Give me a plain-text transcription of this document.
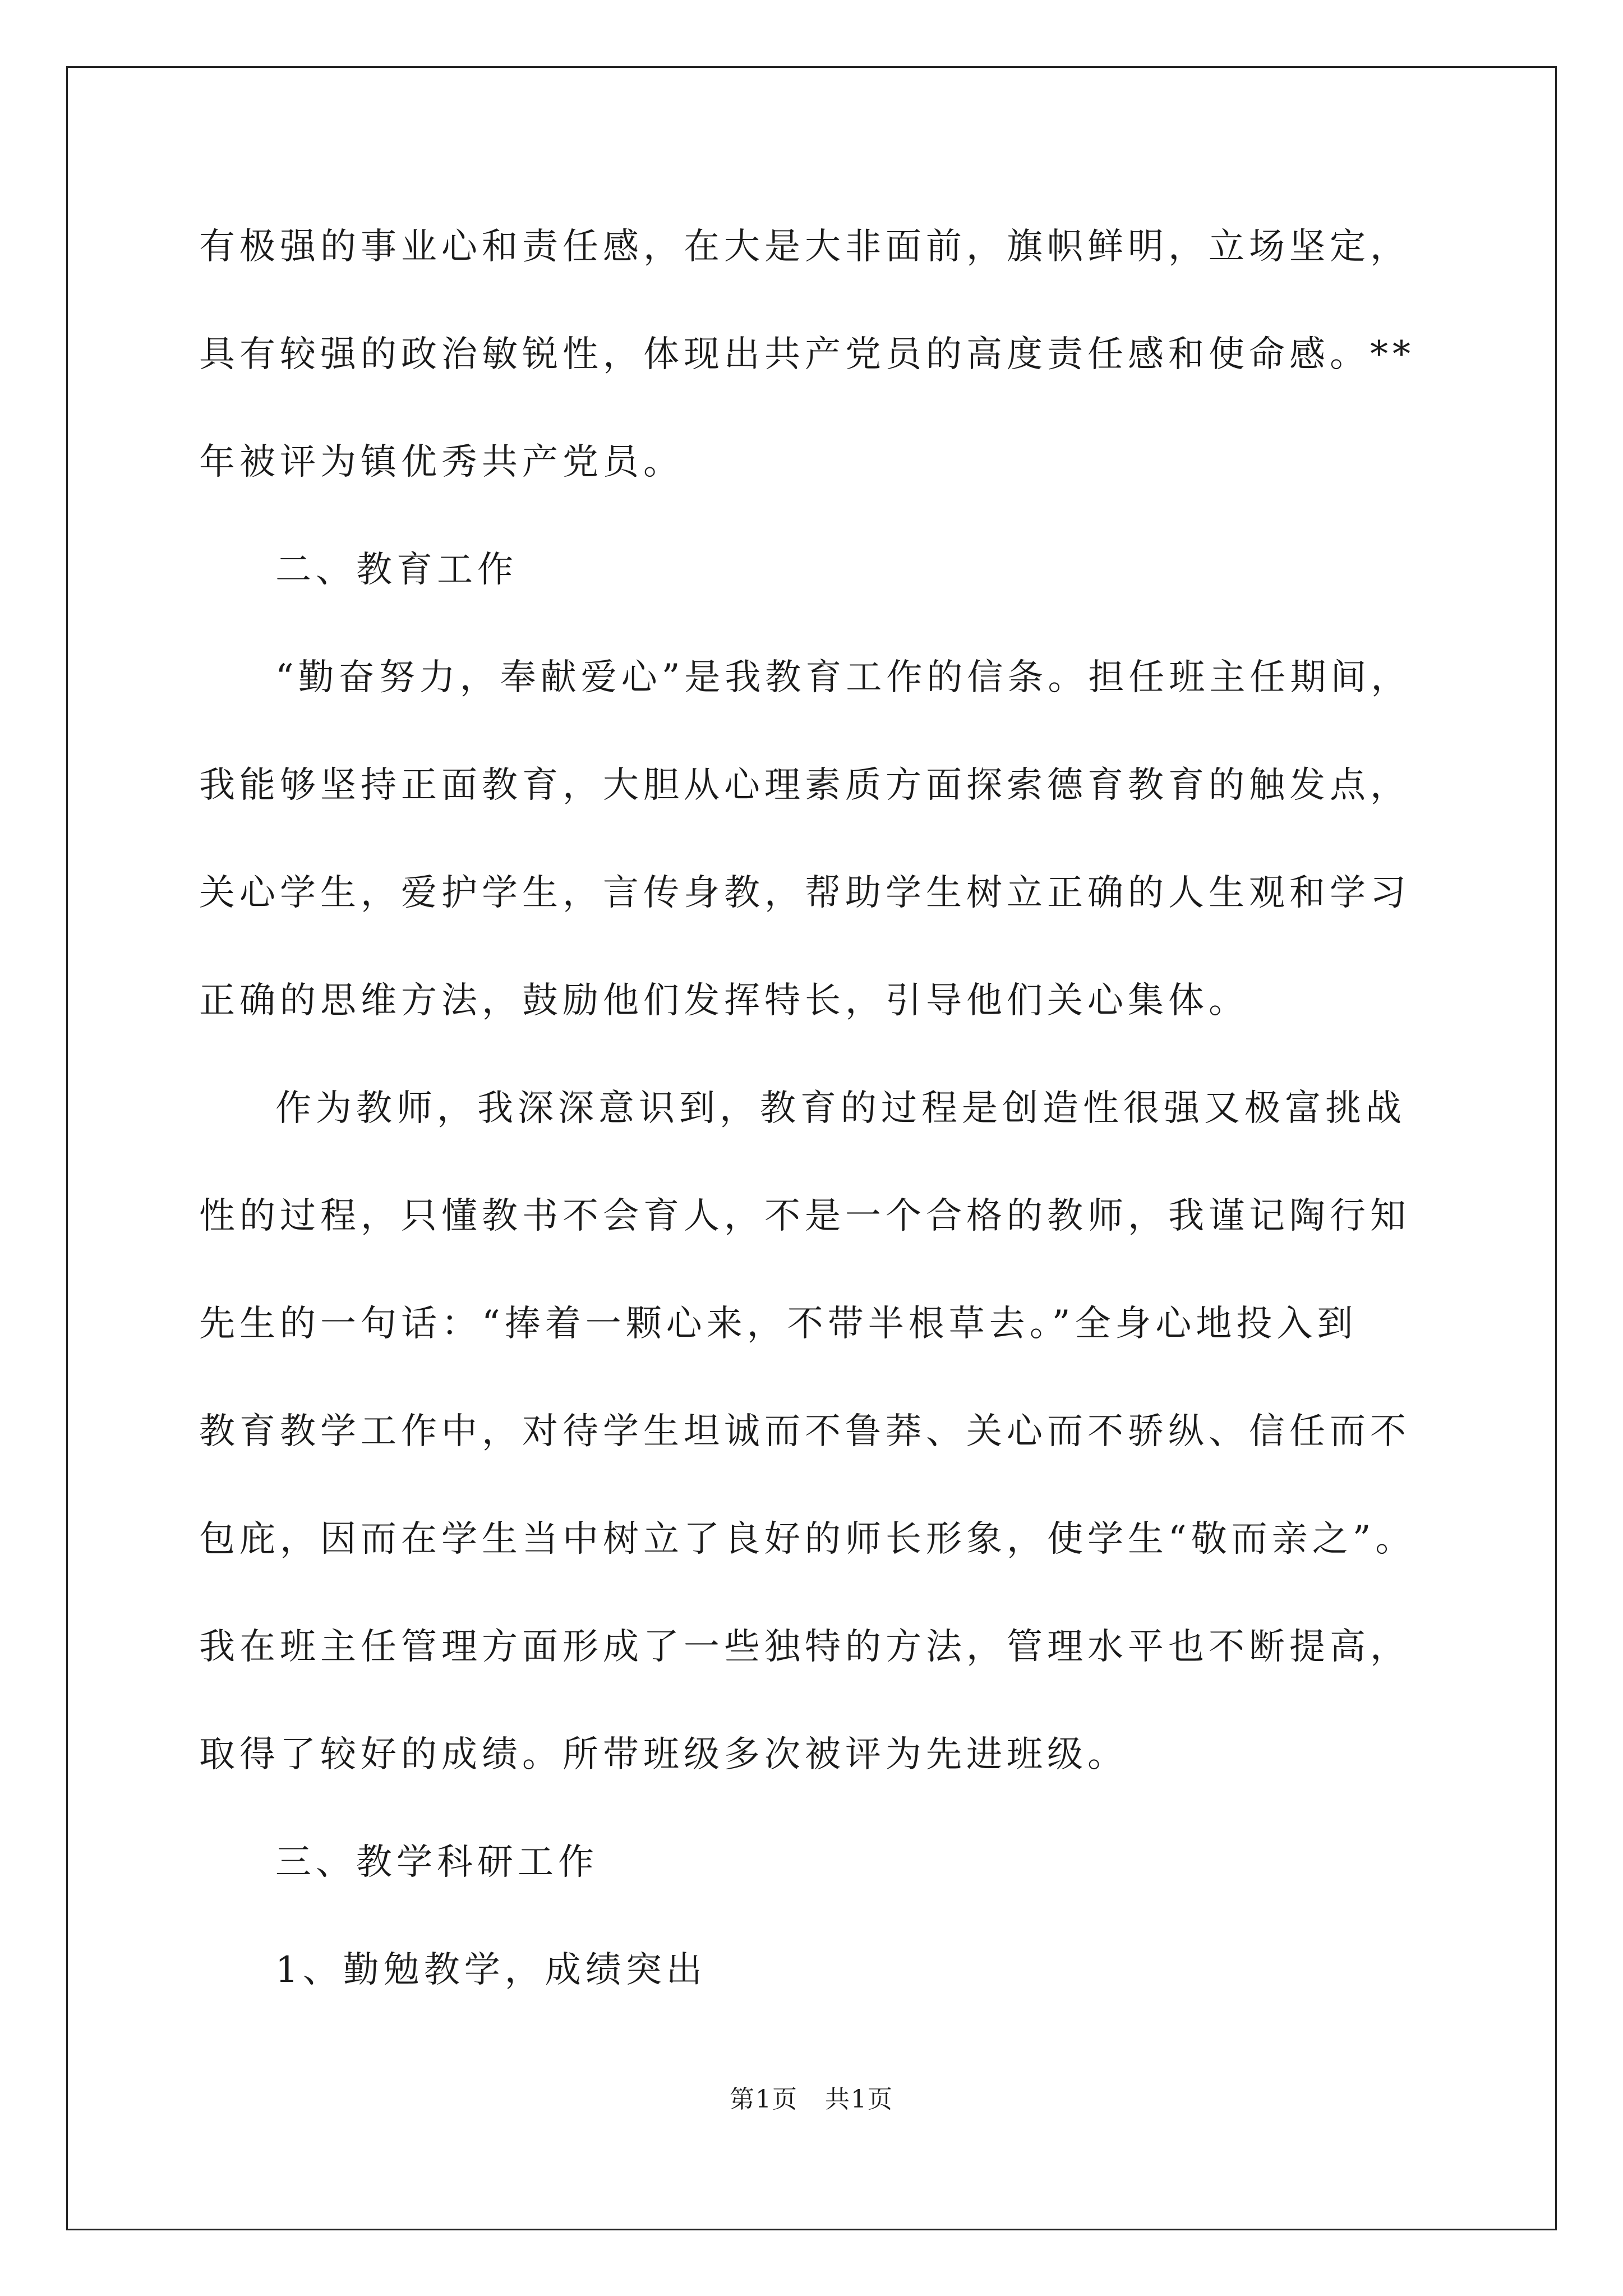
有极强的事业心和责任感，在大是大非面前，旗帜鲜明，立场坚定，
具有较强的政治敏锐性，体现出共产党员的高度责任感和使命感。**
年被评为镇优秀共产党员。
二、教育工作
“勤奋努力，奉献爱心”是我教育工作的信条。担任班主任期间，
我能够坚持正面教育，大胆从心理素质方面探索德育教育的触发点，
关心学生，爱护学生，言传身教，帮助学生树立正确的人生观和学习
正确的思维方法，鼓励他们发挥特长，引导他们关心集体。
作为教师，我深深意识到，教育的过程是创造性很强又极富挑战
性的过程，只懂教书不会育人，不是一个合格的教师，我谨记陶行知
先生的一句话：“捧着一颗心来，不带半根草去。”全身心地投入到
教育教学工作中，对待学生坦诚而不鲁莽、关心而不骄纵、信任而不
包庇，因而在学生当中树立了良好的师长形象，使学生“敬而亲之”。
我在班主任管理方面形成了一些独特的方法，管理水平也不断提高，
取得了较好的成绩。所带班级多次被评为先进班级。
三、教学科研工作
1、勤勉教学，成绩突出
第1页 共1页
